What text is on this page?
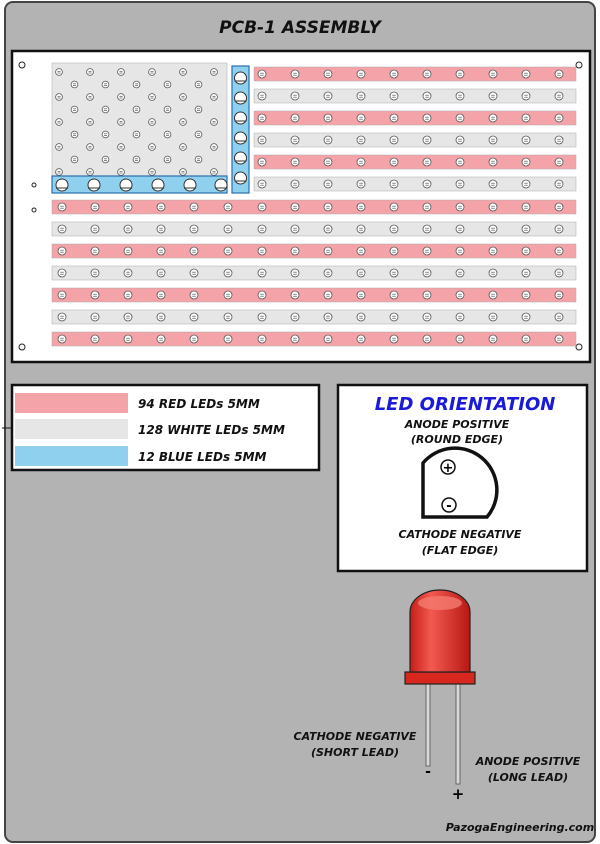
PCB-1 ASSEMBLY
94 RED LEDs 5MM
128 WHITE LEDs 5MM
12 BLUE LEDs 5MM
LED ORIENTATION
ANODE POSITIVE
(ROUND EDGE)
+
-
CATHODE NEGATIVE
(FLAT EDGE)
CATHODE NEGATIVE
(SHORT LEAD)
-
ANODE POSITIVE
(LONG LEAD)
+
PazogaEngineering.com
